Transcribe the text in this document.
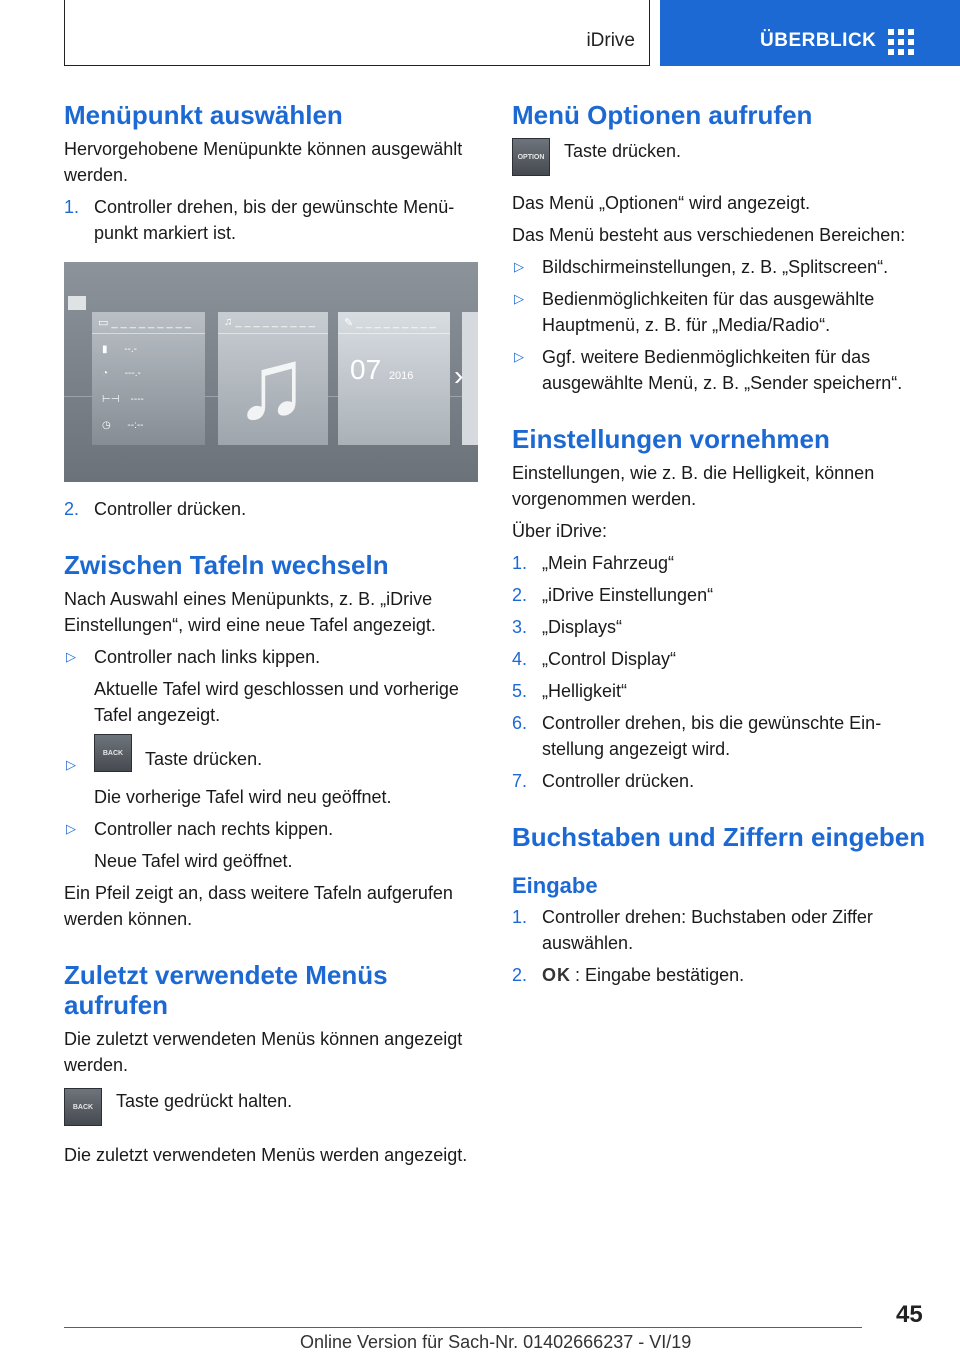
iDrive	ÜBERBLICK
Menüpunkt auswählen
Hervorgehobene Menüpunkte können ausgewählt werden.
1. Controller drehen, bis der gewünschte Menüpunkt markiert ist.
▭ _ _ _ _ _ _ _ _ _
▮      --.-
◔      ---.-
⊢⊣    ----
◷      --:--
♫ _ _ _ _ _ _ _ _ _
♫
✎ _ _ _ _ _ _ _ _ _
07 2016 ›
2. Controller drücken.
Zwischen Tafeln wechseln
Nach Auswahl eines Menüpunkts, z. B. „iDrive Einstellungen“, wird eine neue Tafel angezeigt.
▷ Controller nach links kippen.
Aktuelle Tafel wird geschlossen und vorherige Tafel angezeigt.
▷
BACK Taste drücken.
Die vorherige Tafel wird neu geöffnet.
▷ Controller nach rechts kippen.
Neue Tafel wird geöffnet.
Ein Pfeil zeigt an, dass weitere Tafeln aufgerufen werden können.
Zuletzt verwendete Menüs aufrufen
Die zuletzt verwendeten Menüs können angezeigt werden.
BACK	Taste gedrückt halten.
Die zuletzt verwendeten Menüs werden angezeigt.
Menü Optionen aufrufen
OPTION	Taste drücken.
Das Menü „Optionen“ wird angezeigt.
Das Menü besteht aus verschiedenen Bereichen:
▷ Bildschirmeinstellungen, z. B. „Splitscreen“.
▷ Bedienmöglichkeiten für das ausgewählte Hauptmenü, z. B. für „Media/Radio“.
▷ Ggf. weitere Bedienmöglichkeiten für das ausgewählte Menü, z. B. „Sender speichern“.
Einstellungen vornehmen
Einstellungen, wie z. B. die Helligkeit, können vorgenommen werden.
Über iDrive:
1. „Mein Fahrzeug“
2. „iDrive Einstellungen“
3. „Displays“
4. „Control Display“
5. „Helligkeit“
6. Controller drehen, bis die gewünschte Einstellung angezeigt wird.
7. Controller drücken.
Buchstaben und Ziffern eingeben
Eingabe
1. Controller drehen: Buchstaben oder Ziffer auswählen.
2. OK : Eingabe bestätigen.
45
Online Version für Sach-Nr. 01402666237 - VI/19
